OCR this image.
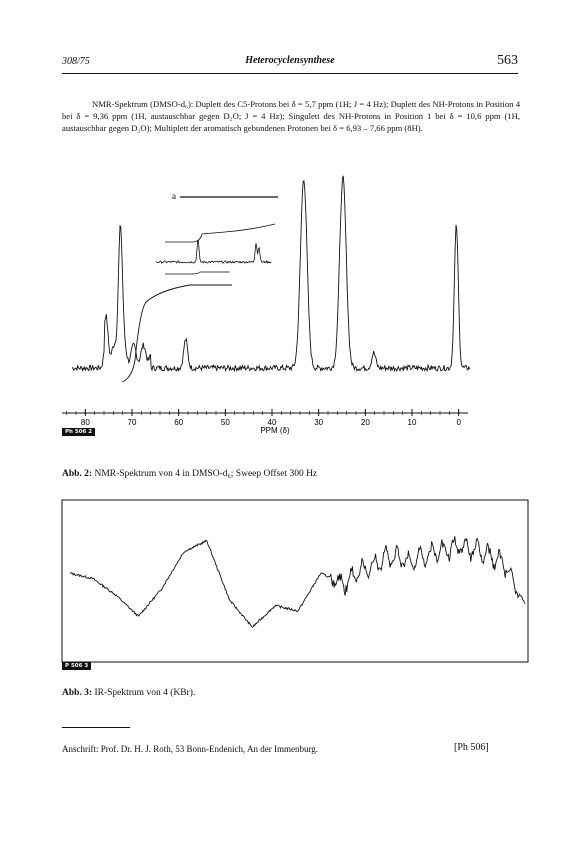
308/75	Heterocyclensynthese	563

NMR-Spektrum (DMSO-d₆): Duplett des C5-Protons bei δ = 5,7 ppm (1H; J = 4 Hz); Duplett des NH-Protons in Position 4 bei δ = 9,36 ppm (1H, austauschbar gegen D₂O; J = 4 Hz); Singulett des NH-Protons in Position 1 bei δ = 10,6 ppm (1H, austauschbar gegen D₂O); Multiplett der aromatisch gebundenen Protonen bei δ = 6,93 – 7,66 ppm (8H).

80	70	60	50	40	30	20	10	0
a
PPM (δ)
Ph 506 2
Abb. 2: NMR-Spektrum von 4 in DMSO-d₆; Sweep Offset 300 Hz
P 506 3
Abb. 3: IR-Spektrum von 4 (KBr).
Anschrift: Prof. Dr. H. J. Roth, 53 Bonn-Endenich, An der Immenburg.	[Ph 506]
